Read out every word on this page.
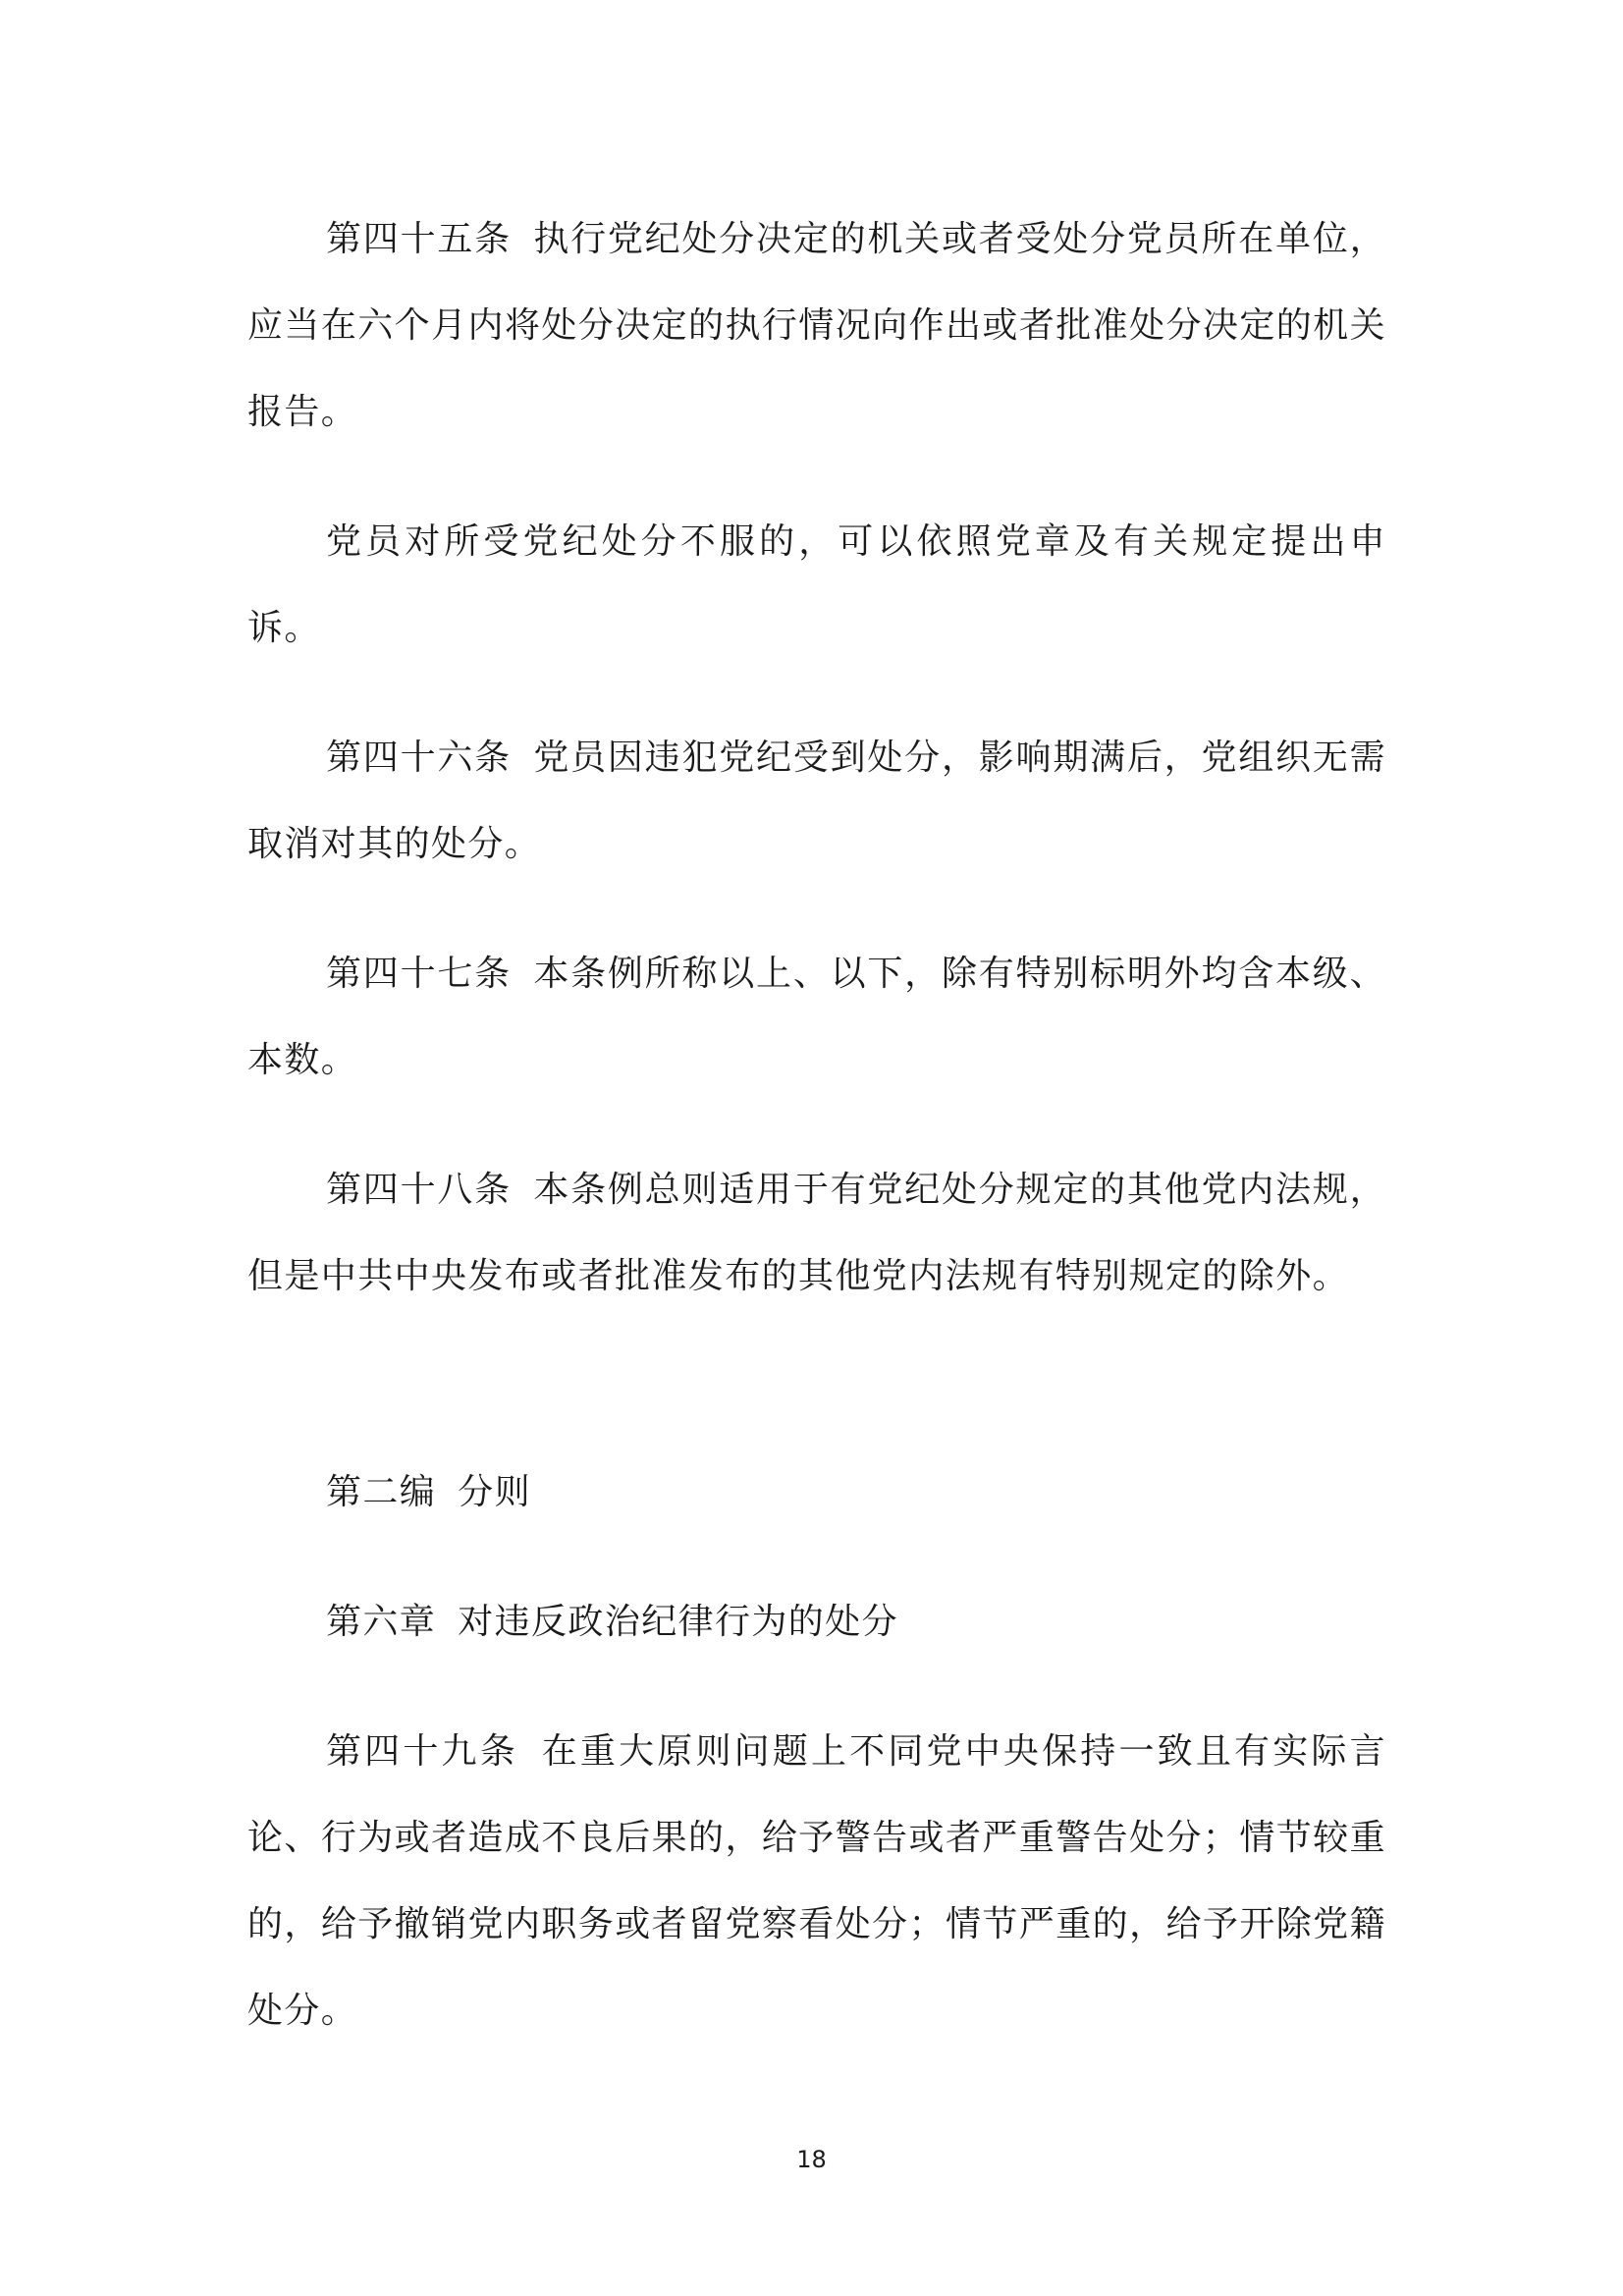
第四十五条 执行党纪处分决定的机关或者受处分党员所在单位，应当在六个月内将处分决定的执行情况向作出或者批准处分决定的机关报告。

党员对所受党纪处分不服的，可以依照党章及有关规定提出申诉。

第四十六条 党员因违犯党纪受到处分，影响期满后，党组织无需取消对其的处分。

第四十七条 本条例所称以上、以下，除有特别标明外均含本级、本数。

第四十八条 本条例总则适用于有党纪处分规定的其他党内法规，但是中共中央发布或者批准发布的其他党内法规有特别规定的除外。

第二编 分则

第六章 对违反政治纪律行为的处分

第四十九条 在重大原则问题上不同党中央保持一致且有实际言论、行为或者造成不良后果的，给予警告或者严重警告处分；情节较重的，给予撤销党内职务或者留党察看处分；情节严重的，给予开除党籍处分。

18
